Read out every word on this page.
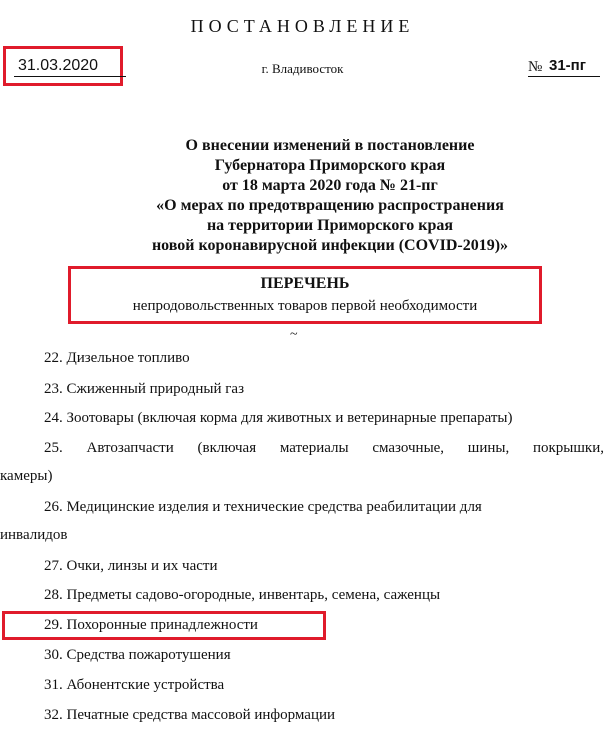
ПОСТАНОВЛЕНИЕ
31.03.2020	г. Владивосток	№ 31-пг
О внесении изменений в постановление
Губернатора Приморского края
от 18 марта 2020 года № 21-пг
«О мерах по предотвращению распространения
на территории Приморского края
новой коронавирусной инфекции (COVID-2019)»
ПЕРЕЧЕНЬ
непродовольственных товаров первой необходимости
~
22. Дизельное топливо
23. Сжиженный природный газ
24. Зоотовары (включая корма для животных и ветеринарные препараты)
25. Автозапчасти (включая материалы смазочные, шины, покрышки,
камеры)
26. Медицинские изделия и технические средства реабилитации для
инвалидов
27. Очки, линзы и их части
28. Предметы садово-огородные, инвентарь, семена, саженцы
29. Похоронные принадлежности
30. Средства пожаротушения
31. Абонентские устройства
32. Печатные средства массовой информации
